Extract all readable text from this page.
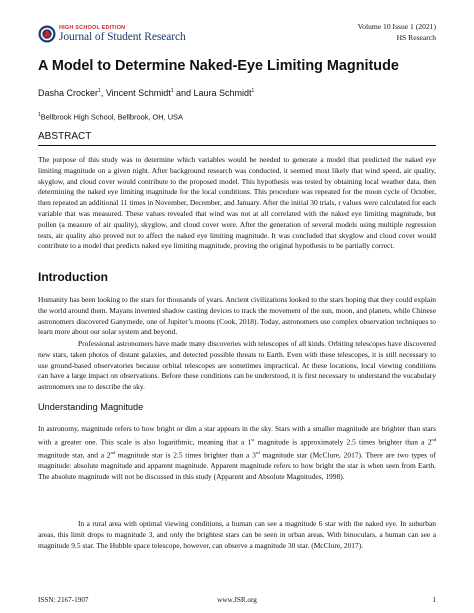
HIGH SCHOOL EDITION
Journal of Student Research
Volume 10 Issue 1 (2021)
HS Research
A Model to Determine Naked-Eye Limiting Magnitude
Dasha Crocker$^1$, Vincent Schmidt$^1$ and Laura Schmidt$^1$
$^1$Bellbrook High School, Bellbrook, OH, USA
ABSTRACT

The purpose of this study was to determine which variables would be needed to generate a model that predicted the naked eye limiting magnitude on a given night. After background research was conducted, it seemed most likely that wind speed, air quality, skyglow, and cloud cover would contribute to the proposed model. This hypothesis was tested by obtaining local weather data, then determining the naked eye limiting magnitude for the local conditions. This procedure was repeated for the moon cycle of October, then repeated an additional 11 times in November, December, and January. After the initial 30 trials, r values were calculated for each variable that was measured. These values revealed that wind was not at all correlated with the naked eye limiting magnitude, but pollen (a measure of air quality), skyglow, and cloud cover were. After the generation of several models using multiple regression tests, air quality also proved not to affect the naked eye limiting magnitude. It was concluded that skyglow and cloud cover would contribute to a model that predicts naked eye limiting magnitude, proving the original hypothesis to be partially correct.

Introduction

Humanity has been looking to the stars for thousands of years. Ancient civilizations looked to the stars hoping that they could explain the world around them. Mayans invented shadow casting devices to track the movement of the sun, moon, and planets, while Chinese astronomers discovered Ganymede, one of Jupiter’s moons (Cook, 2018). Today, astronomers use complex observation techniques to learn more about our solar system and beyond.

Professional astronomers have made many discoveries with telescopes of all kinds. Orbiting telescopes have discovered new stars, taken photos of distant galaxies, and detected possible threats to Earth. Even with these telescopes, it is still necessary to use ground-based observatories because orbital telescopes are sometimes impractical. At these locations, local viewing conditions can have a large impact on observations. Before these conditions can be understood, it is first necessary to understand the vocabulary astronomers use to describe the sky.

Understanding Magnitude

In astronomy, magnitude refers to how bright or dim a star appears in the sky. Stars with a smaller magnitude are brighter than stars with a greater one. This scale is also logarithmic, meaning that a 1st magnitude is approximately 2.5 times brighter than a 2nd magnitude star, and a 2nd magnitude star is 2.5 times brighter than a 3rd magnitude star (McClure, 2017). There are two types of magnitude: absolute magnitude and apparent magnitude. Apparent magnitude refers to how bright the star is when seen from Earth. The absolute magnitude will not be discussed in this study (Apparent and Absolute Magnitudes, 1998).

In a rural area with optimal viewing conditions, a human can see a magnitude 6 star with the naked eye. In suburban areas, this limit drops to magnitude 3, and only the brightest stars can be seen in urban areas. With binoculars, a human can see a magnitude 9.5 star. The Hubble space telescope, however, can observe a magnitude 30 star. (McClure, 2017).

ISSN: 2167-1907	www.JSR.org	1
